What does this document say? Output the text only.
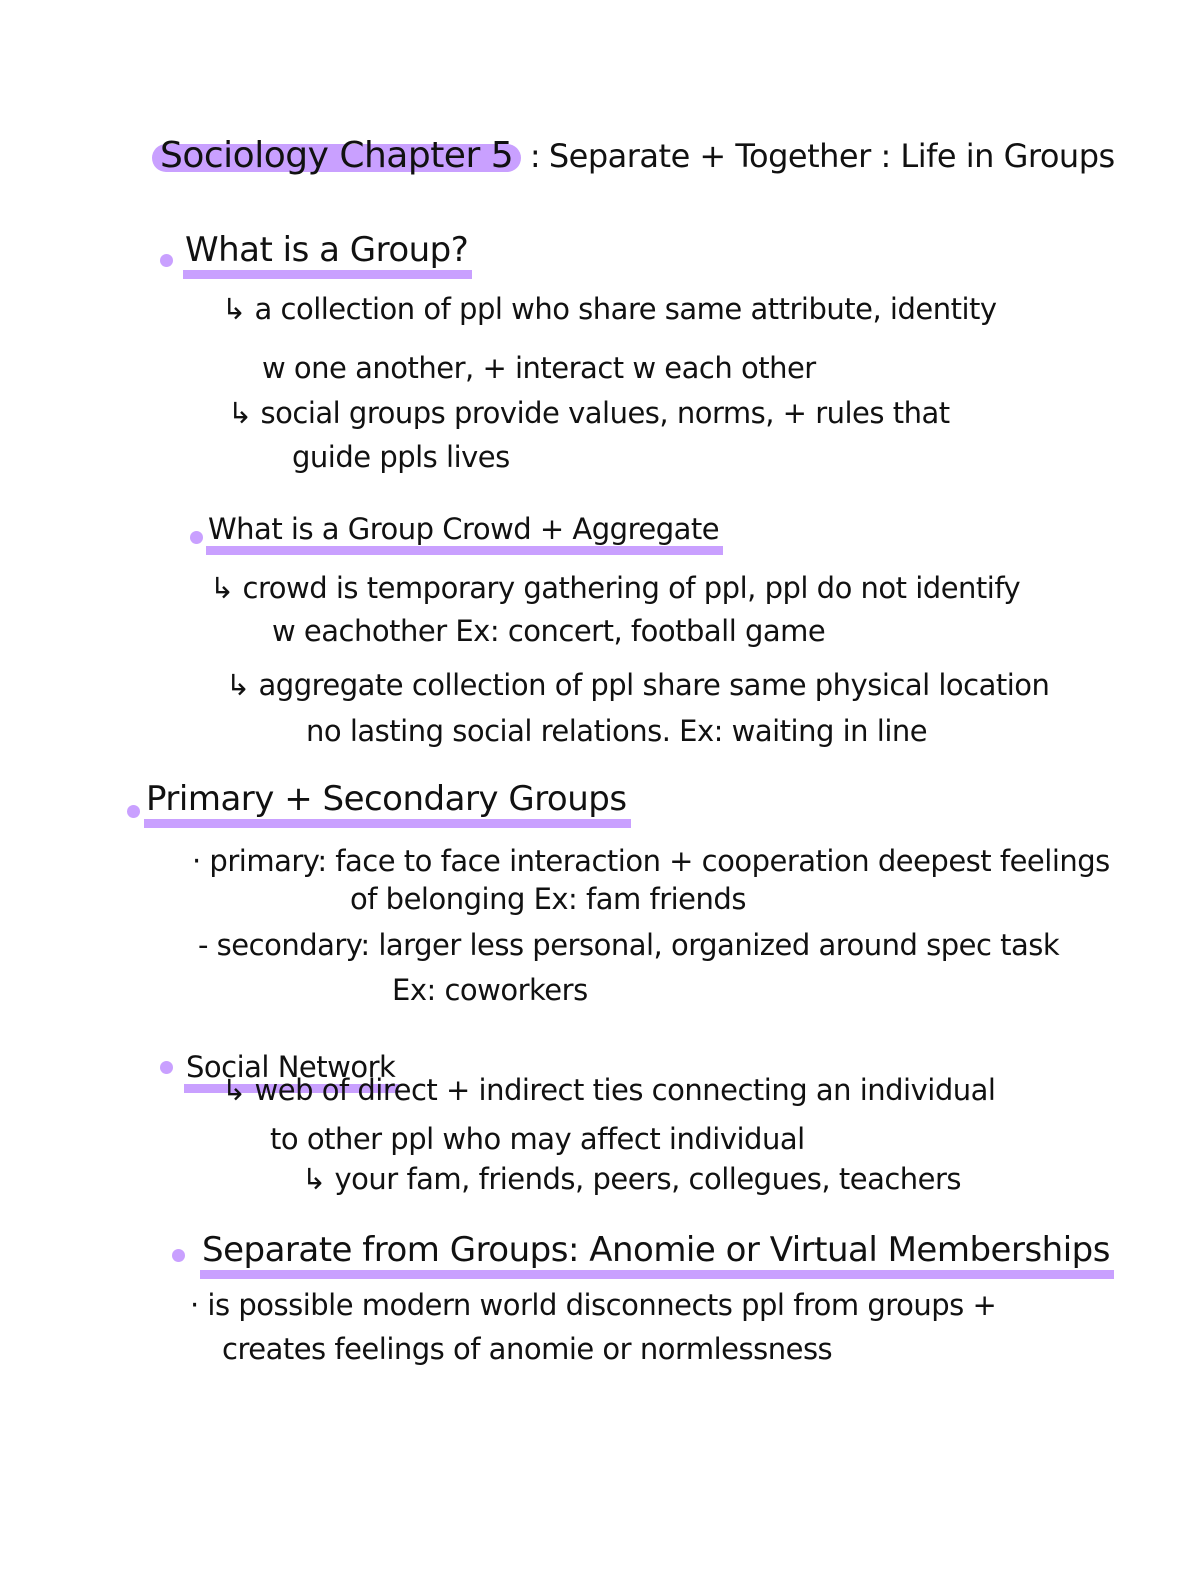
Sociology Chapter 5 : Separate + Together : Life in Groups
What is a Group?
↳ a collection of ppl who share same attribute, identity
w one another, + interact w each other
↳ social groups provide values, norms, + rules that
guide ppls lives
What is a Group Crowd + Aggregate
↳ crowd is temporary gathering of ppl, ppl do not identify
w eachother Ex: concert, football game
↳ aggregate collection of ppl share same physical location
no lasting social relations. Ex: waiting in line
Primary + Secondary Groups
· primary: face to face interaction + cooperation deepest feelings
of belonging Ex: fam friends
- secondary: larger less personal, organized around spec task
Ex: coworkers
Social Network
↳ web of direct + indirect ties connecting an individual
to other ppl who may affect individual
↳ your fam, friends, peers, collegues, teachers
Separate from Groups: Anomie or Virtual Memberships
· is possible modern world disconnects ppl from groups +
creates feelings of anomie or normlessness
